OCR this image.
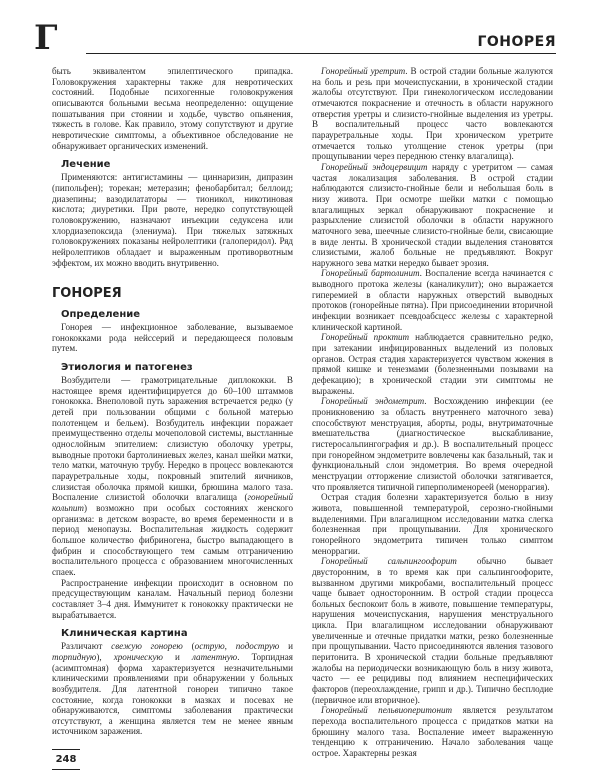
Г	ГОНОРЕЯ

быть эквивалентом эпилептического припадка. Головокружения характерны также для невротических состояний. Подобные психогенные головокружения описываются больными весьма неопределенно: ощущение пошатывания при стоянии и ходьбе, чувство опьянения, тяжесть в голове. Как правило, этому сопутствуют и другие невротические симптомы, а объективное обследование не обнаруживает органических изменений.

Лечение

Применяются: антигистамины — циннаризин, дипразин (пипольфен); торекан; метеразин; фенобарбитал; беллоид; диазепины; вазодилататоры — тионикол, никотиновая кислота; диуретики. При рвоте, нередко сопутствующей головокружению, назначают инъекции седуксена или хлордиазепоксида (элениума). При тяжелых затяжных головокружениях показаны нейролептики (галоперидол). Ряд нейролептиков обладает и выраженным противорвотным эффектом, их можно вводить внутривенно.

ГОНОРЕЯ
Определение

Гонорея — инфекционное заболевание, вызываемое гонококками рода нейссерий и передающееся половым путем.

Этиология и патогенез

Возбудители — грамотрицательные диплококки. В настоящее время идентифицируется до 60–100 штаммов гонококка. Внеполовой путь заражения встречается редко (у детей при пользовании общими с больной матерью полотенцем и бельем). Возбудитель инфекции поражает преимущественно отделы мочеполовой системы, выстланные однослойным эпителием: слизистую оболочку уретры, выводные протоки бартолиниевых желез, канал шейки матки, тело матки, маточную трубу. Нередко в процесс вовлекаются парауретральные ходы, покровный эпителий яичников, слизистая оболочка прямой кишки, брюшина малого таза. Воспаление слизистой оболочки влагалища (гонорейный кольпит) возможно при особых состояниях женского организма: в детском возрасте, во время беременности и в период менопаузы. Воспалительная жидкость содержит большое количество фибриногена, быстро выпадающего в фибрин и способствующего тем самым отграничению воспалительного процесса с образованием многочисленных спаек.

Распространение инфекции происходит в основном по предсуществующим каналам. Начальный период болезни составляет 3–4 дня. Иммунитет к гонококку практически не вырабатывается.

Клиническая картина

Различают свежую гонорею (острую, подострую и торпидную), хроническую и латентную. Торпидная (асимптомная) форма характеризуется незначительными клиническими проявлениями при обнаружении у больных возбудителя. Для латентной гонореи типично такое состояние, когда гонококки в мазках и посевах не обнаруживаются, симптомы заболевания практически отсутствуют, а женщина является тем не менее явным источником заражения.

248

Гонорейный уретрит. В острой стадии больные жалуются на боль и резь при мочеиспускании, в хронической стадии жалобы отсутствуют. При гинекологическом исследовании отмечаются покраснение и отечность в области наружного отверстия уретры и слизисто-гнойные выделения из уретры. В воспалительный процесс часто вовлекаются парауретральные ходы. При хроническом уретрите отмечается только утолщение стенок уретры (при прощупывании через переднюю стенку влагалища).

Гонорейный эндоцервицит наряду с уретритом — самая частая локализация заболевания. В острой стадии наблюдаются слизисто-гнойные бели и небольшая боль в низу живота. При осмотре шейки матки с помощью влагалищных зеркал обнаруживают покраснение и разрыхление слизистой оболочки в области наружного маточного зева, шеечные слизисто-гнойные бели, свисающие в виде ленты. В хронической стадии выделения становятся слизистыми, жалоб больные не предъявляют. Вокруг наружного зева матки нередко бывает эрозия.

Гонорейный бартолинит. Воспаление всегда начинается с выводного протока железы (каналикулит); оно выражается гиперемией в области наружных отверстий выводных протоков (гонорейные пятна). При присоединении вторичной инфекции возникает псевдоабсцесс железы с характерной клинической картиной.

Гонорейный проктит наблюдается сравнительно редко, при затекании инфицированных выделений из половых органов. Острая стадия характеризуется чувством жжения в прямой кишке и тенезмами (болезненными позывами на дефекацию); в хронической стадии эти симптомы не выражены.

Гонорейный эндометрит. Восхождению инфекции (ее проникновению за область внутреннего маточного зева) способствуют менструация, аборты, роды, внутриматочные вмешательства (диагностическое выскабливание, гистеросальпингография и др.). В воспалительный процесс при гонорейном эндометрите вовлечены как базальный, так и функциональный слои эндометрия. Во время очередной менструации отторжение слизистой оболочки затягивается, что проявляется типичной гиперполименореей (меноррагия).

Острая стадия болезни характеризуется болью в низу живота, повышенной температурой, серозно-гнойными выделениями. При влагалищном исследовании матка слегка болезненная при прощупывании. Для хронического гонорейного эндометрита типичен только симптом меноррагии.

Гонорейный сальпингоофорит обычно бывает двусторонним, в то время как при сальпингоофорите, вызванном другими микробами, воспалительный процесс чаще бывает односторонним. В острой стадии процесса больных беспокоит боль в животе, повышение температуры, нарушения мочеиспускания, нарушения менструального цикла. При влагалищном исследовании обнаруживают увеличенные и отечные придатки матки, резко болезненные при прощупывании. Часто присоединяются явления тазового перитонита. В хронической стадии больные предъявляют жалобы на периодически возникающую боль в низу живота, часто — ее рецидивы под влиянием неспецифических факторов (переохлаждение, грипп и др.). Типично бесплодие (первичное или вторичное).

Гонорейный пельвиоперитонит является результатом перехода воспалительного процесса с придатков матки на брюшину малого таза. Воспаление имеет выраженную тенденцию к отграничению. Начало заболевания чаще острое. Характерны резкая
